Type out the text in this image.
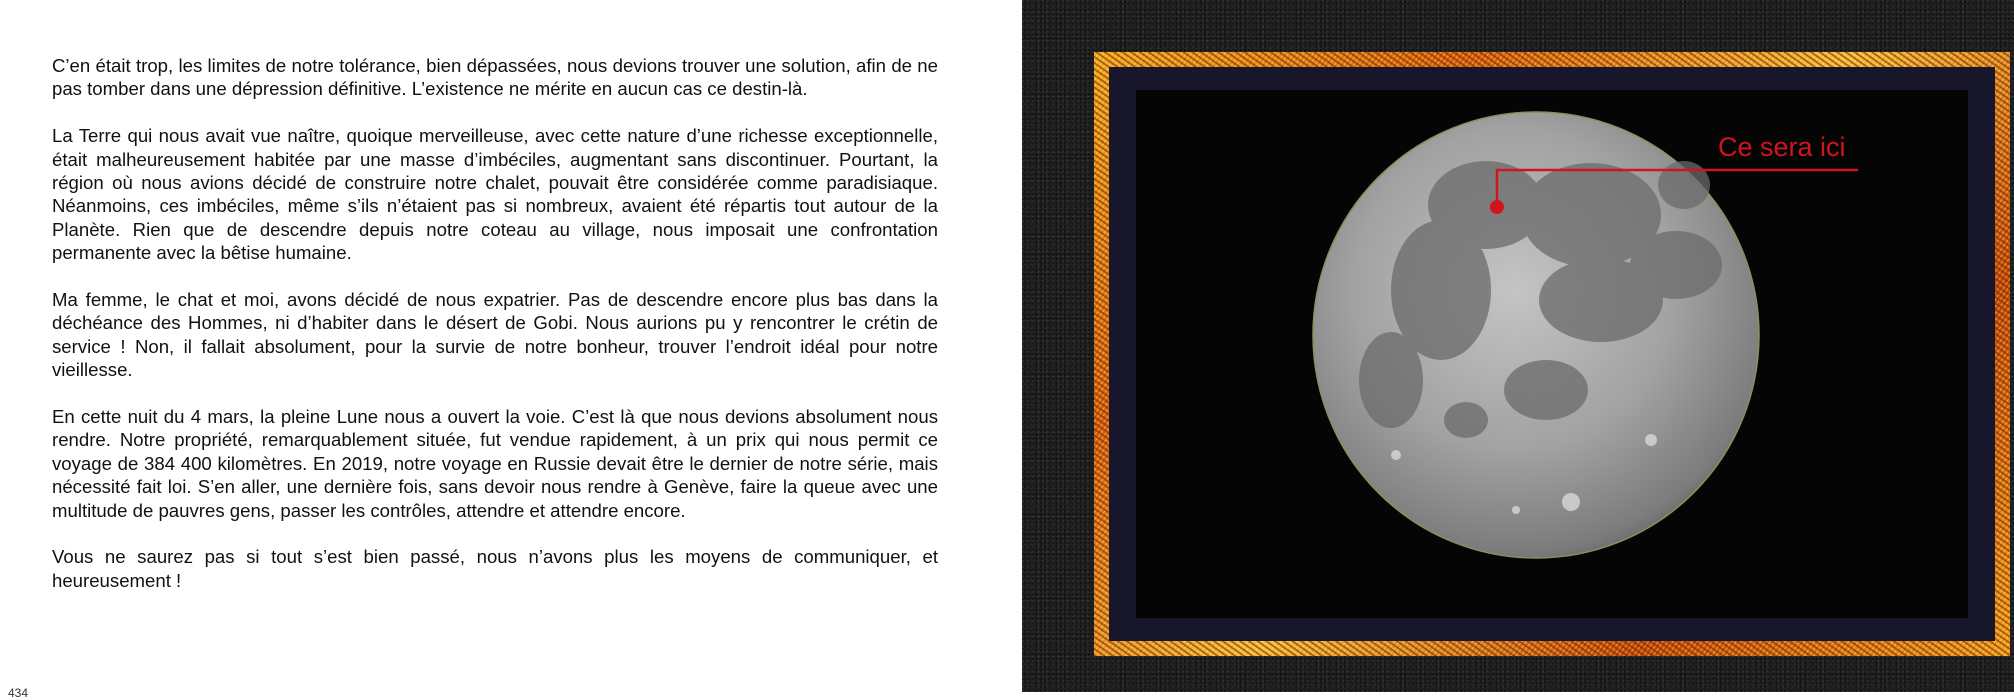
C’en était trop, les limites de notre tolérance, bien dépassées, nous devions trouver une solution, afin de ne pas tomber dans une dépression définitive. L’existence ne mérite en aucun cas ce destin-là.

La Terre qui nous avait vue naître, quoique merveilleuse, avec cette nature d’une richesse exceptionnelle, était malheureusement habitée par une masse d’imbéciles, augmentant sans discontinuer. Pourtant, la région où nous avions décidé de construire notre chalet, pouvait être considérée comme paradisiaque. Néanmoins, ces imbéciles, même s’ils n’étaient pas si nombreux, avaient été répartis tout autour de la Planète. Rien que de descendre depuis notre coteau au village, nous imposait une confrontation permanente avec la bêtise humaine.

Ma femme, le chat et moi, avons décidé de nous expatrier. Pas de descendre encore plus bas dans la déchéance des Hommes, ni d’habiter dans le désert de Gobi. Nous aurions pu y rencontrer le crétin de service ! Non, il fallait absolument, pour la survie de notre bonheur, trouver l’endroit idéal pour notre vieillesse.

En cette nuit du 4 mars, la pleine Lune nous a ouvert la voie. C’est là que nous devions absolument nous rendre. Notre propriété, remarquablement située, fut vendue rapidement, à un prix qui nous permit ce voyage de 384 400 kilomètres. En 2019, notre voyage en Russie devait être le dernier de notre série, mais nécessité fait loi. S’en aller, une dernière fois, sans devoir nous rendre à Genève, faire la queue avec une multitude de pauvres gens, passer les contrôles, attendre et attendre encore.

Vous ne saurez pas si tout s’est bien passé, nous n’avons plus les moyens de communiquer, et heureusement !

434
Ce sera ici
